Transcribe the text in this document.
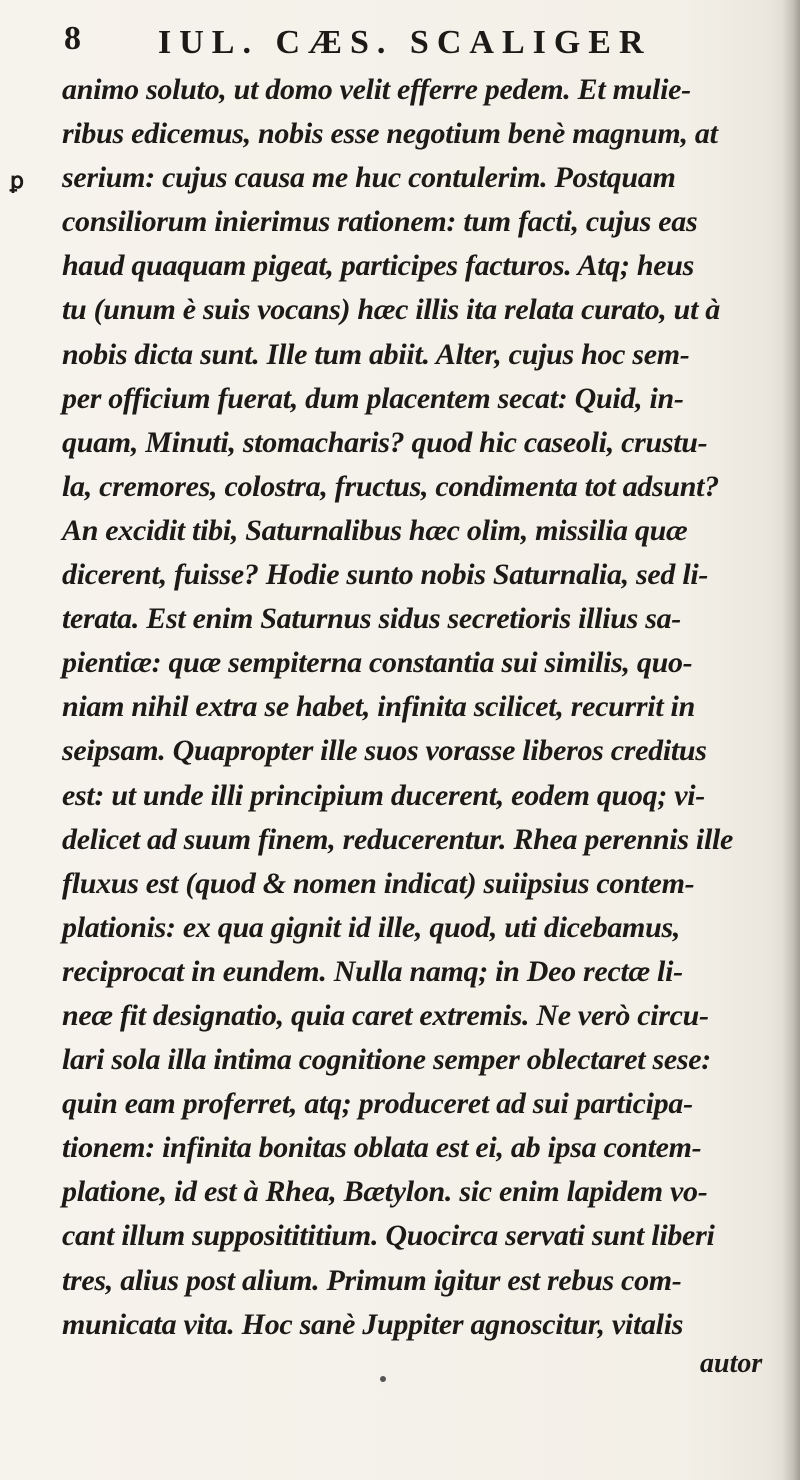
8 IUL. CÆS. SCALIGER
ꝑ
animo soluto, ut domo velit efferre pedem. Et mulie-
ribus edicemus, nobis esse negotium benè magnum, at
serium: cujus causa me huc contulerim. Postquam
consiliorum inierimus rationem: tum facti, cujus eas
haud quaquam pigeat, participes facturos. Atq; heus
tu (unum è suis vocans) hæc illis ita relata curato, ut à
nobis dicta sunt. Ille tum abiit. Alter, cujus hoc sem-
per officium fuerat, dum placentem secat: Quid, in-
quam, Minuti, stomacharis? quod hic caseoli, crustu-
la, cremores, colostra, fructus, condimenta tot adsunt?
An excidit tibi, Saturnalibus hæc olim, missilia quæ
dicerent, fuisse? Hodie sunto nobis Saturnalia, sed li-
terata. Est enim Saturnus sidus secretioris illius sa-
pientiæ: quæ sempiterna constantia sui similis, quo-
niam nihil extra se habet, infinita scilicet, recurrit in
seipsam. Quapropter ille suos vorasse liberos creditus
est: ut unde illi principium ducerent, eodem quoq; vi-
delicet ad suum finem, reducerentur. Rhea perennis ille
fluxus est (quod & nomen indicat) suiipsius contem-
plationis: ex qua gignit id ille, quod, uti dicebamus,
reciprocat in eundem. Nulla namq; in Deo rectæ li-
neæ fit designatio, quia caret extremis. Ne verò circu-
lari sola illa intima cognitione semper oblectaret sese:
quin eam proferret, atq; produceret ad sui participa-
tionem: infinita bonitas oblata est ei, ab ipsa contem-
platione, id est à Rhea, Bætylon. sic enim lapidem vo-
cant illum suppositititium. Quocirca servati sunt liberi
tres, alius post alium. Primum igitur est rebus com-
municata vita. Hoc sanè Juppiter agnoscitur, vitalis
autor
